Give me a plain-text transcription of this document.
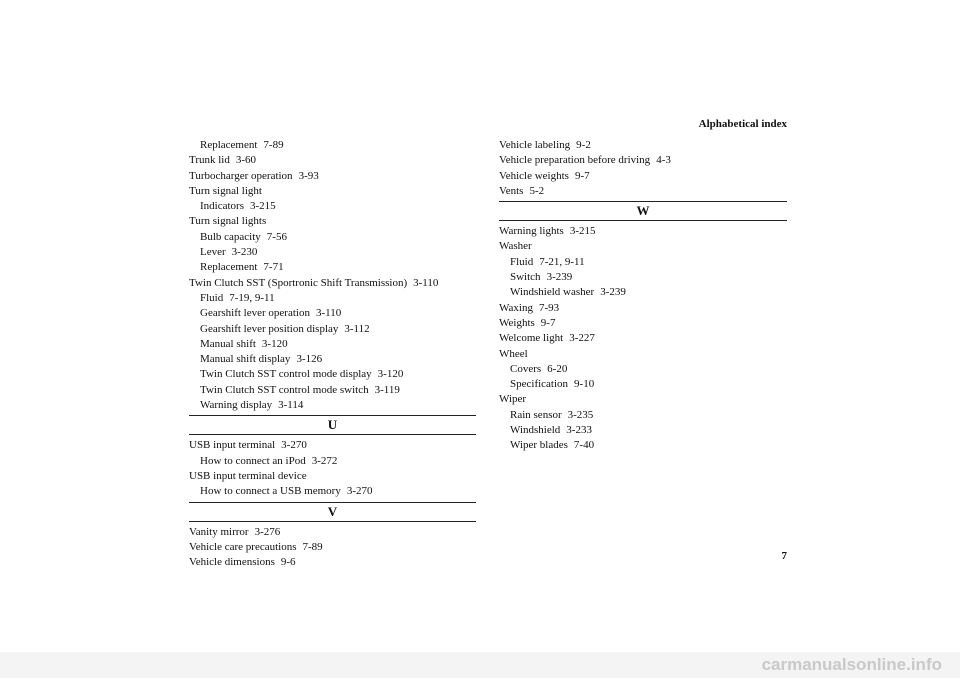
Alphabetical index
Replacement 7-89
Trunk lid 3-60
Turbocharger operation 3-93
Turn signal light
Indicators 3-215
Turn signal lights
Bulb capacity 7-56
Lever 3-230
Replacement 7-71
Twin Clutch SST (Sportronic Shift Transmission) 3-110
Fluid 7-19, 9-11
Gearshift lever operation 3-110
Gearshift lever position display 3-112
Manual shift 3-120
Manual shift display 3-126
Twin Clutch SST control mode display 3-120
Twin Clutch SST control mode switch 3-119
Warning display 3-114
U
USB input terminal 3-270
How to connect an iPod 3-272
USB input terminal device
How to connect a USB memory 3-270
V
Vanity mirror 3-276
Vehicle care precautions 7-89
Vehicle dimensions 9-6
Vehicle labeling 9-2
Vehicle preparation before driving 4-3
Vehicle weights 9-7
Vents 5-2
W
Warning lights 3-215
Washer
Fluid 7-21, 9-11
Switch 3-239
Windshield washer 3-239
Waxing 7-93
Weights 9-7
Welcome light 3-227
Wheel
Covers 6-20
Specification 9-10
Wiper
Rain sensor 3-235
Windshield 3-233
Wiper blades 7-40
7
carmanualsonline.info
